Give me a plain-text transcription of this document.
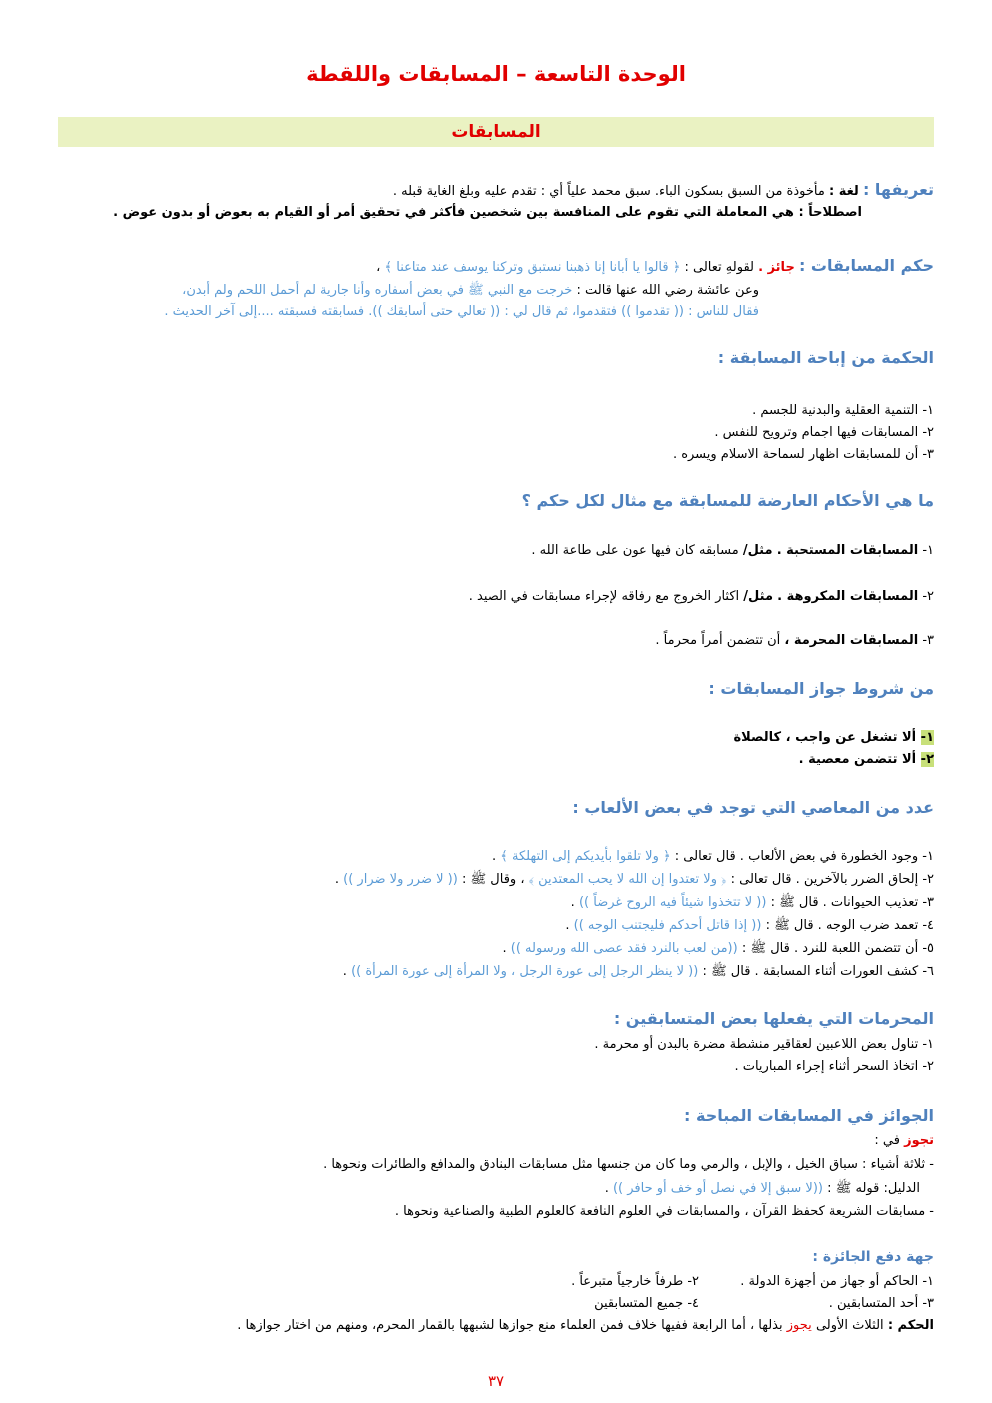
الوحدة التاسعة – المسابقات واللقطة
المسابقات
تعريفها : لغة : مأخوذة من السبق بسكون الباء. سبق محمد علياً أي : تقدم عليه وبلغ الغاية قبله .
اصطلاحاً : هي المعاملة التي تقوم على المنافسة بين شخصين فأكثر في تحقيق أمر أو القيام به بعوض أو بدون عوض .
حكم المسابقات : جائز . لقولهِ تعالى : ﴿ قالوا يا أبانا إنا ذهبنا نستبق وتركنا يوسف عند متاعنا ﴾ ،
وعن عائشة رضي الله عنها قالت : خرجت مع النبي ﷺ في بعض أسفاره وأنا جارية لم أحمل اللحم ولم أبدن،
فقال للناس : (( تقدموا )) فتقدموا، ثم قال لي : (( تعالي حتى أسابقك )). فسابقته فسبقته ....إلى آخر الحديث .
الحكمة من إباحة المسابقة :
١- التنمية العقلية والبدنية للجسم .
٢- المسابقات فيها اجمام وترويح للنفس .
٣- أن للمسابقات اظهار لسماحة الاسلام ويسره .
ما هي الأحكام العارضة للمسابقة مع مثال لكل حكم ؟
١- المسابقات المستحبة . مثل/ مسابقه كان فيها عون على طاعة الله .
٢- المسابقات المكروهة . مثل/ اكثار الخروج مع رفاقه لإجراء مسابقات في الصيد .
٣- المسابقات المحرمة ، أن تتضمن أمراً محرماً .
من شروط جواز المسابقات :
١- ألا تشغل عن واجب ، كالصلاة
٢- ألا تتضمن معصية .
عدد من المعاصي التي توجد في بعض الألعاب :
١- وجود الخطورة في بعض الألعاب . قال تعالى : ﴿ ولا تلقوا بأيديكم إلى التهلكة ﴾ .
٢- إلحاق الضرر بالآخرين . قال تعالى : ﴿ ولا تعتدوا إن الله لا يحب المعتدين ﴾ ، وقال ﷺ : (( لا ضرر ولا ضرار )) .
٣- تعذيب الحيوانات . قال ﷺ : (( لا تتخذوا شيئاً فيه الروح غرضاً )) .
٤- تعمد ضرب الوجه . قال ﷺ : (( إذا قاتل أحدكم فليجتنب الوجه )) .
٥- أن تتضمن اللعبة للنرد . قال ﷺ : ((من لعب بالنرد فقد عصى الله ورسوله )) .
٦- كشف العورات أثناء المسابقة . قال ﷺ : (( لا ينظر الرجل إلى عورة الرجل ، ولا المرأة إلى عورة المرأة )) .
المحرمات التي يفعلها بعض المتسابقين :
١- تناول بعض اللاعبين لعقاقير منشطة مضرة بالبدن أو محرمة .
٢- اتخاذ السحر أثناء إجراء المباريات .
الجوائز في المسابقات المباحة :
تجوز في :
- ثلاثة أشياء : سباق الخيل ، والإبل ، والرمي وما كان من جنسها مثل مسابقات البنادق والمدافع والطائرات ونحوها .
الدليل: قوله ﷺ : ((لا سبق إلا في نصل أو خف أو حافر )) .
- مسابقات الشريعة كحفظ القرآن ، والمسابقات في العلوم النافعة كالعلوم الطبية والصناعية ونحوها .
جهة دفع الجائزة :
١- الحاكم أو جهاز من أجهزة الدولة .
٢- طرفاً خارجياً متبرعاً .
٣- أحد المتسابقين .
٤- جميع المتسابقين
الحكم : الثلاث الأولى يجوز بذلها ، أما الرابعة ففيها خلاف فمن العلماء منع جوازها لشبهها بالقمار المحرم، ومنهم من اختار جوازها .
٣٧
